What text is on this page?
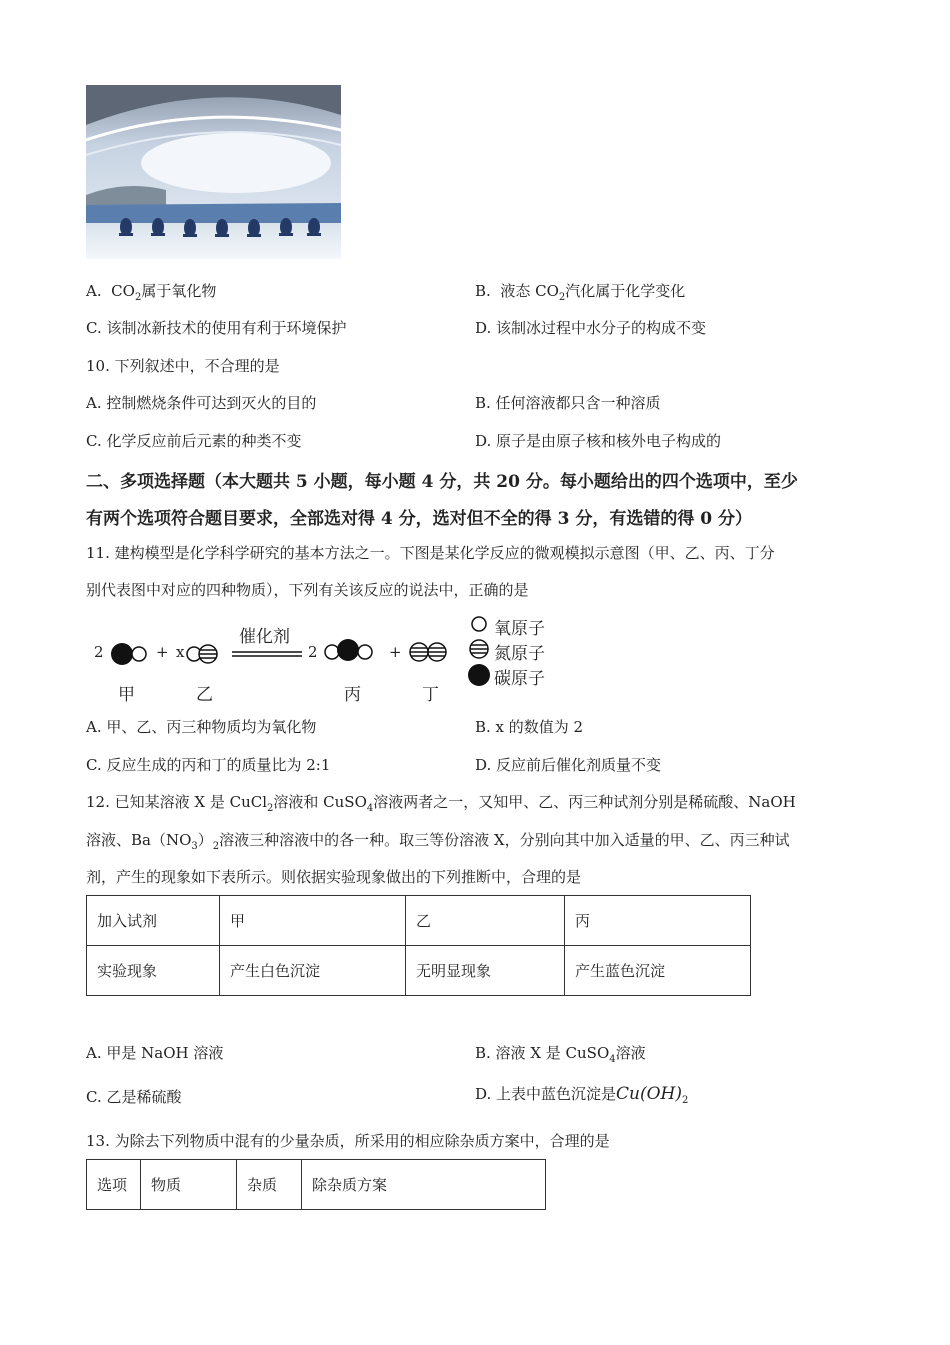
A. $CO_2$属于氧化物	B. 液态 $CO_2$汽化属于化学变化
C. 该制冰新技术的使用有利于环境保护	D. 该制冰过程中水分子的构成不变
10. 下列叙述中，不合理的是
A. 控制燃烧条件可达到灭火的目的	B. 任何溶液都只含一种溶质
C. 化学反应前后元素的种类不变	D. 原子是由原子核和核外电子构成的
二、多项选择题（本大题共 5 小题，每小题 4 分，共 20 分。每小题给出的四个选项中，至少
有两个选项符合题目要求，全部选对得 4 分，选对但不全的得 3 分，有选错的得 0 分）
11. 建构模型是化学科学研究的基本方法之一。下图是某化学反应的微观模拟示意图（甲、乙、丙、丁分
别代表图中对应的四种物质），下列有关该反应的说法中，正确的是
2	+ x
催化剂
2	+
甲	乙	丙	丁
氧原子
氮原子
碳原子
A. 甲、乙、丙三种物质均为氧化物	B. x 的数值为 2
C. 反应生成的丙和丁的质量比为 2:1	D. 反应前后催化剂质量不变
12. 已知某溶液 X 是 CuCl$_2$溶液和 CuSO$_4$溶液两者之一，又知甲、乙、丙三种试剂分别是稀硫酸、NaOH
溶液、$Ba(NO_3)_2$溶液三种溶液中的各一种。取三等份溶液 X，分别向其中加入适量的甲、乙、丙三种试
剂，产生的现象如下表所示。则依据实验现象做出的下列推断中，合理的是
加入试剂	甲	乙	丙
实验现象	产生白色沉淀	无明显现象	产生蓝色沉淀
A. 甲是 NaOH 溶液	B. 溶液 X 是 CuSO$_4$溶液
C. 乙是稀硫酸	D. 上表中蓝色沉淀是$Cu(OH)_2$
13. 为除去下列物质中混有的少量杂质，所采用的相应除杂质方案中，合理的是
选项	物质	杂质	除杂质方案
